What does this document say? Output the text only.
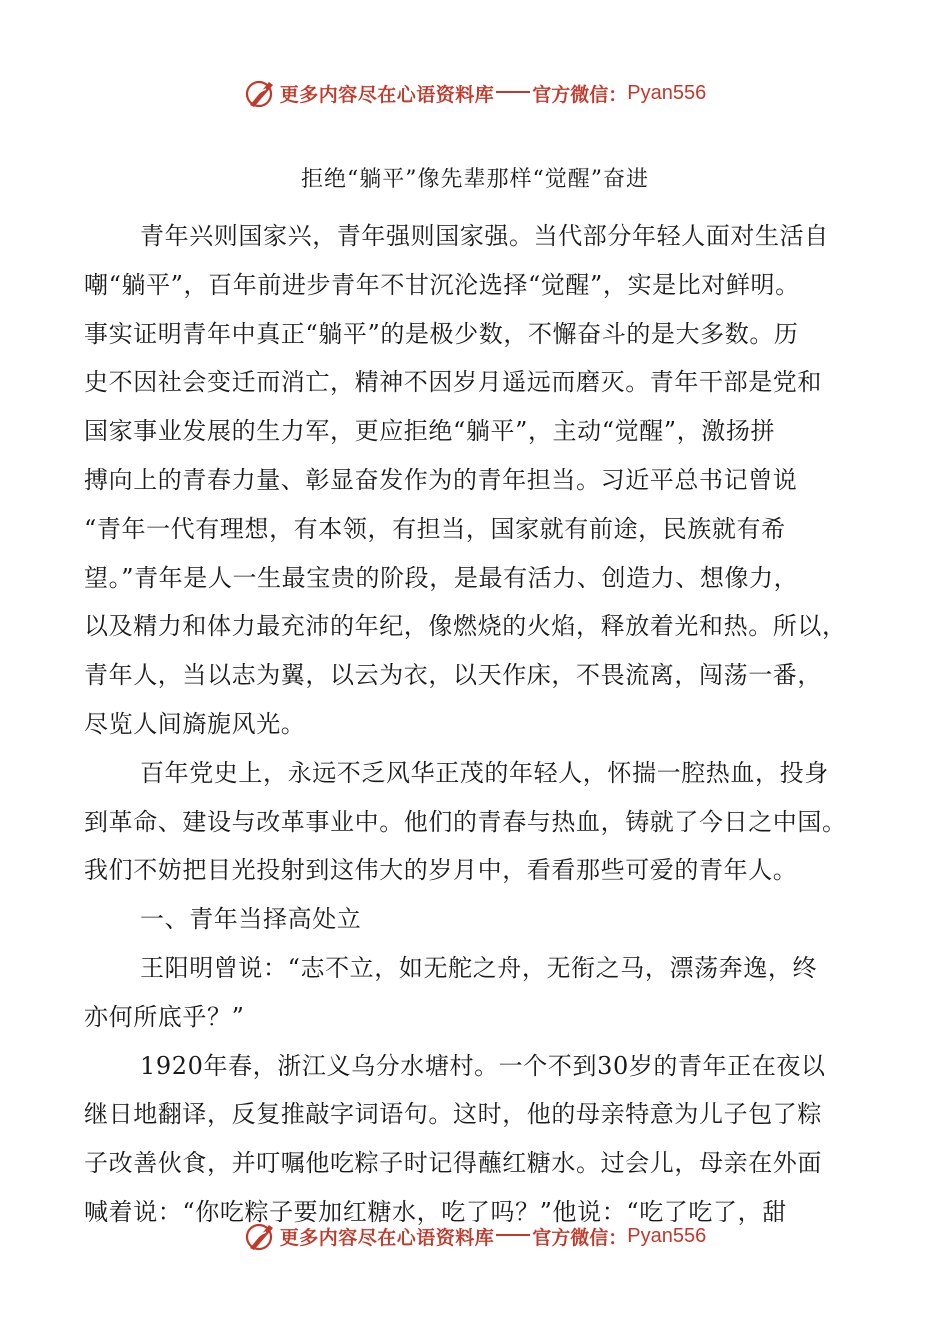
更多内容尽在心语资料库 官方微信： Pyan556
拒绝“躺平”像先辈那样“觉醒”奋进
青年兴则国家兴，青年强则国家强。当代部分年轻人面对生活自
嘲“躺平”，百年前进步青年不甘沉沦选择“觉醒”，实是比对鲜明。
事实证明青年中真正“躺平”的是极少数，不懈奋斗的是大多数。历
史不因社会变迁而消亡，精神不因岁月遥远而磨灭。青年干部是党和
国家事业发展的生力军，更应拒绝“躺平”，主动“觉醒”，激扬拼
搏向上的青春力量、彰显奋发作为的青年担当。习近平总书记曾说
“青年一代有理想，有本领，有担当，国家就有前途，民族就有希
望。”青年是人一生最宝贵的阶段，是最有活力、创造力、想像力，
以及精力和体力最充沛的年纪，像燃烧的火焰，释放着光和热。所以，
青年人，当以志为翼，以云为衣，以天作床，不畏流离，闯荡一番，
尽览人间旖旎风光。
百年党史上，永远不乏风华正茂的年轻人，怀揣一腔热血，投身
到革命、建设与改革事业中。他们的青春与热血，铸就了今日之中国。
我们不妨把目光投射到这伟大的岁月中，看看那些可爱的青年人。
一、青年当择高处立
王阳明曾说：“志不立，如无舵之舟，无衔之马，漂荡奔逸，终
亦何所底乎？”
1920年春，浙江义乌分水塘村。一个不到30岁的青年正在夜以
继日地翻译，反复推敲字词语句。这时，他的母亲特意为儿子包了粽
子改善伙食，并叮嘱他吃粽子时记得蘸红糖水。过会儿，母亲在外面
喊着说：“你吃粽子要加红糖水，吃了吗？”他说：“吃了吃了，甜
更多内容尽在心语资料库 官方微信： Pyan556
